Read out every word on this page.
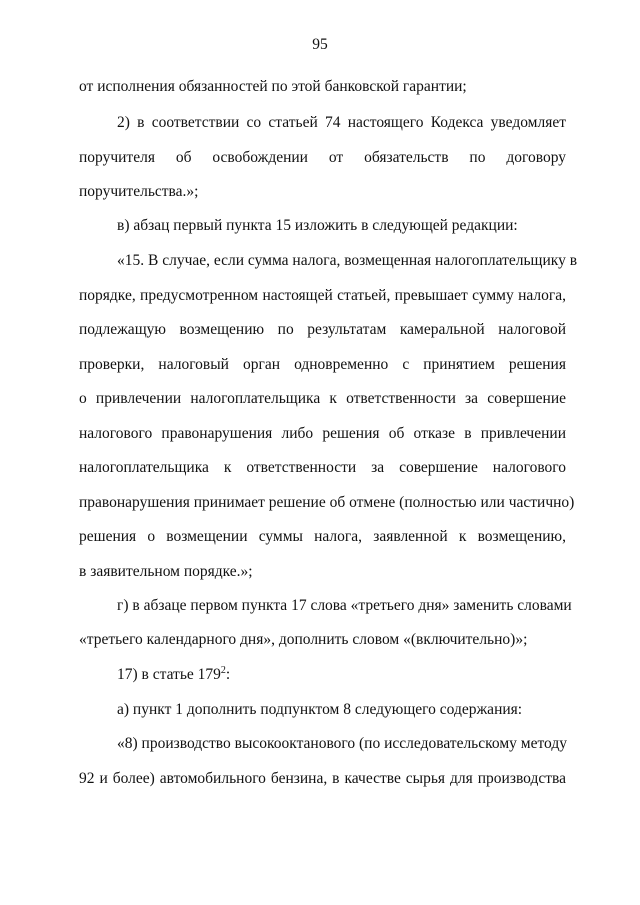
95
от исполнения обязанностей по этой банковской гарантии;
2) в соответствии со статьей 74 настоящего Кодекса уведомляет
поручителя об освобождении от обязательств по договору
поручительства.»;
в) абзац первый пункта 15 изложить в следующей редакции:
«15. В случае, если сумма налога, возмещенная налогоплательщику в
порядке, предусмотренном настоящей статьей, превышает сумму налога,
подлежащую возмещению по результатам камеральной налоговой
проверки, налоговый орган одновременно с принятием решения
о привлечении налогоплательщика к ответственности за совершение
налогового правонарушения либо решения об отказе в привлечении
налогоплательщика к ответственности за совершение налогового
правонарушения принимает решение об отмене (полностью или частично)
решения о возмещении суммы налога, заявленной к возмещению,
в заявительном порядке.»;
г) в абзаце первом пункта 17 слова «третьего дня» заменить словами
«третьего календарного дня», дополнить словом «(включительно)»;
17) в статье $179^2$:
а) пункт 1 дополнить подпунктом 8 следующего содержания:
«8) производство высокооктанового (по исследовательскому методу
92 и более) автомобильного бензина, в качестве сырья для производства
